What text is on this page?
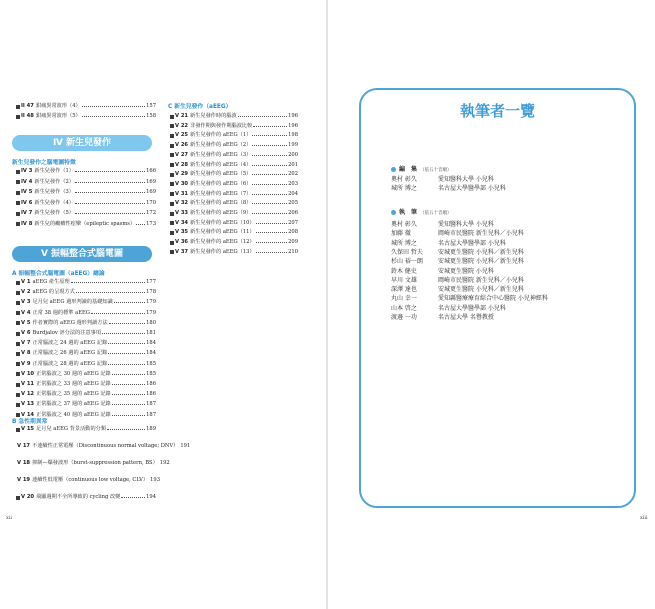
II 47 鉗痛異常波形（4）	157
II 48 鉗痛異常波形（5）	158
Ⅳ 新生兒發作
新生兒發作之腦電圖特徵
IV 3 新生兒發作（1）	166
IV 4 新生兒發作（2）	169
IV 5 新生兒發作（3）	169
IV 6 新生兒發作（4）	170
IV 7 新生兒發作（5）	172
IV 8 新生兒的癲癇性痙攣（epileptic spasms） 173
Ⅴ 振幅整合式腦電圖
A 振幅整合式腦電圖（aEEG）總論
V 1 aEEG 產生原理	177
V 2 aEEG 的呈現方式	178
V 3 足月兒 aEEG 週形判讀的基礎知識	179
V 4 正常 38 週的標準 aEEG	179
V 5 作者實際的 aEEG 週形判讀方法	180
V 6 Burdjalov 評分法的注意事項	181
V 7 正常腦波之 24 週的 aEEG 記錄	184
V 8 正常腦波之 26 週的 aEEG 記錄	184
V 9 正常腦波之 28 週的 aEEG 記錄	185
V 10 正常腦波之 30 週的 aEEG 記錄	185
V 11 正常腦波之 33 週的 aEEG 記錄	186
V 12 正常腦波之 35 週的 aEEG 記錄	186
V 13 正常腦波之 37 週的 aEEG 記錄	187
V 14 正常腦波之 40 週的 aEEG 記錄	187
B 急性期異常
V 15 足月兒 aEEG 背景活動的分類	189
V 17 不連續性正常電壓（Discontinuous normal voltage; DNV） 191
V 18 抑制—爆發波形（burst-suppression pattern, BS） 192
V 19 連續性低電壓（continuous low voltage, CLV） 193
V 20 飛顯週期不全所導致的 cycling 改變	194
C 新生兒發作（aEEG）
V 21 新生兒發作時的腦波	196
V 22 非發作期與發作期腦波比較	196
V 25 新生兒發作的 aEEG（1）	198
V 26 新生兒發作的 aEEG（2）	199
V 27 新生兒發作的 aEEG（3）	200
V 28 新生兒發作的 aEEG（4）	201
V 29 新生兒發作的 aEEG（5）	202
V 30 新生兒發作的 aEEG（6）	203
V 31 新生兒發作的 aEEG（7）	204
V 32 新生兒發作的 aEEG（8）	205
V 33 新生兒發作的 aEEG（9）	206
V 34 新生兒發作的 aEEG（10）	207
V 35 新生兒發作的 aEEG（11）	208
V 36 新生兒發作的 aEEG（12）	209
V 37 新生兒發作的 aEEG（13）	210
xii
執筆者一覽
編　集 （依五十音順）
奧村 彰久	愛知醫科大學 小兒科
城所 博之	名古屋大學醫學部 小兒科
執　筆 （依五十音順）
奧村 彰久	愛知醫科大學 小兒科
加藤 徹	岡崎市民醫院 新生兒科／小兒科
城所 博之	名古屋大學醫學部 小兒科
久保田 哲夫	安城更生醫院 小兒科／新生兒科
杉山 裕一朗	安城更生醫院 小兒科／新生兒科
鈴木 健史	安城更生醫院 小兒科
早川 文雄	岡崎市民醫院 新生兒科／小兒科
深澤 達也	安城更生醫院 小兒科／新生兒科
丸山 幸一	愛知縣醫療療育綜合中心醫院 小兒神經科
山本 啓之	名古屋大學醫學部 小兒科
渡邊 一功	名古屋大學 名譽教授
xiii
